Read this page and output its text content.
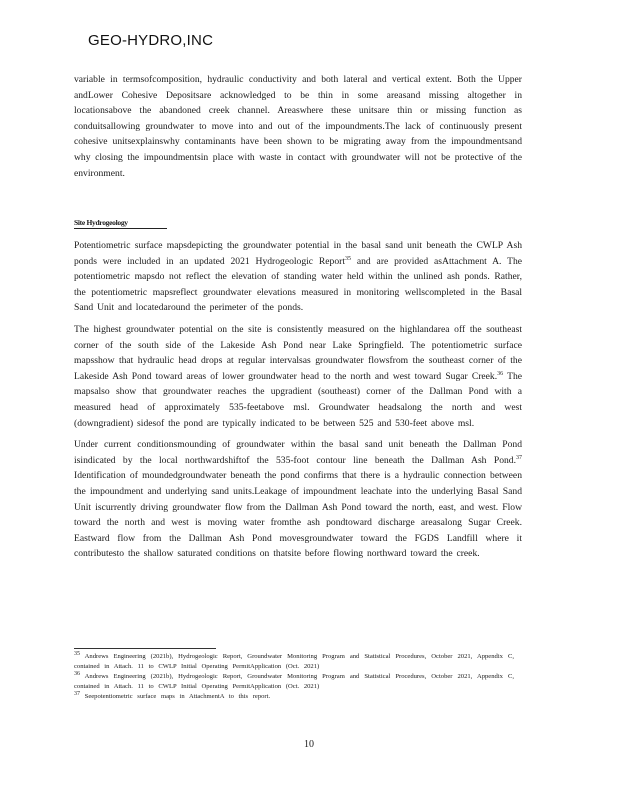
GEO-HYDRO,INC

variable in termsofcomposition, hydraulic conductivity and both lateral and vertical extent. Both the Upper andLower Cohesive Depositsare acknowledged to be thin in some areasand missing altogether in locationsabove the abandoned creek channel. Areaswhere these unitsare thin or missing function as conduitsallowing groundwater to move into and out of the impoundments.The lack of continuously present cohesive unitsexplainswhy contaminants have been shown to be migrating away from the impoundmentsand why closing the impoundmentsin place with waste in contact with groundwater will not be protective of the environment.

Site Hydrogeology

Potentiometric surface mapsdepicting the groundwater potential in the basal sand unit beneath the CWLP Ash ponds were included in an updated 2021 Hydrogeologic Report$^{35}$ and are provided asAttachment A. The potentiometric mapsdo not reflect the elevation of standing water held within the unlined ash ponds. Rather, the potentiometric mapsreflect groundwater elevations measured in monitoring wellscompleted in the Basal Sand Unit and locatedaround the perimeter of the ponds.

The highest groundwater potential on the site is consistently measured on the highlandarea off the southeast corner of the south side of the Lakeside Ash Pond near Lake Springfield. The potentiometric surface mapsshow that hydraulic head drops at regular intervalsas groundwater flowsfrom the southeast corner of the Lakeside Ash Pond toward areas of lower groundwater head to the north and west toward Sugar Creek.$^{36}$ The mapsalso show that groundwater reaches the upgradient (southeast) corner of the Dallman Pond with a measured head of approximately 535-feetabove msl. Groundwater headsalong the north and west (downgradient) sidesof the pond are typically indicated to be between 525 and 530-feet above msl.

Under current conditionsmounding of groundwater within the basal sand unit beneath the Dallman Pond isindicated by the local northwardshiftof the 535-foot contour line beneath the Dallman Ash Pond.$^{37}$ Identification of moundedgroundwater beneath the pond confirms that there is a hydraulic connection between the impoundment and underlying sand units.Leakage of impoundment leachate into the underlying Basal Sand Unit iscurrently driving groundwater flow from the Dallman Ash Pond toward the north, east, and west. Flow toward the north and west is moving water fromthe ash pondtoward discharge areasalong Sugar Creek. Eastward flow from the Dallman Ash Pond movesgroundwater toward the FGDS Landfill where it contributesto the shallow saturated conditions on thatsite before flowing northward toward the creek.

$^{35}$ Andrews Engineering (2021b), Hydrogeologic Report, Groundwater Monitoring Program and Statistical Procedures, October 2021, Appendix C, contained in Attach. 11 to CWLP Initial Operating PermitApplication (Oct. 2021)

$^{36}$ Andrews Engineering (2021b), Hydrogeologic Report, Groundwater Monitoring Program and Statistical Procedures, October 2021, Appendix C, contained in Attach. 11 to CWLP Initial Operating PermitApplication (Oct. 2021)

$^{37}$ Seepotentiometric surface maps in AttachmentA to this report.

10
